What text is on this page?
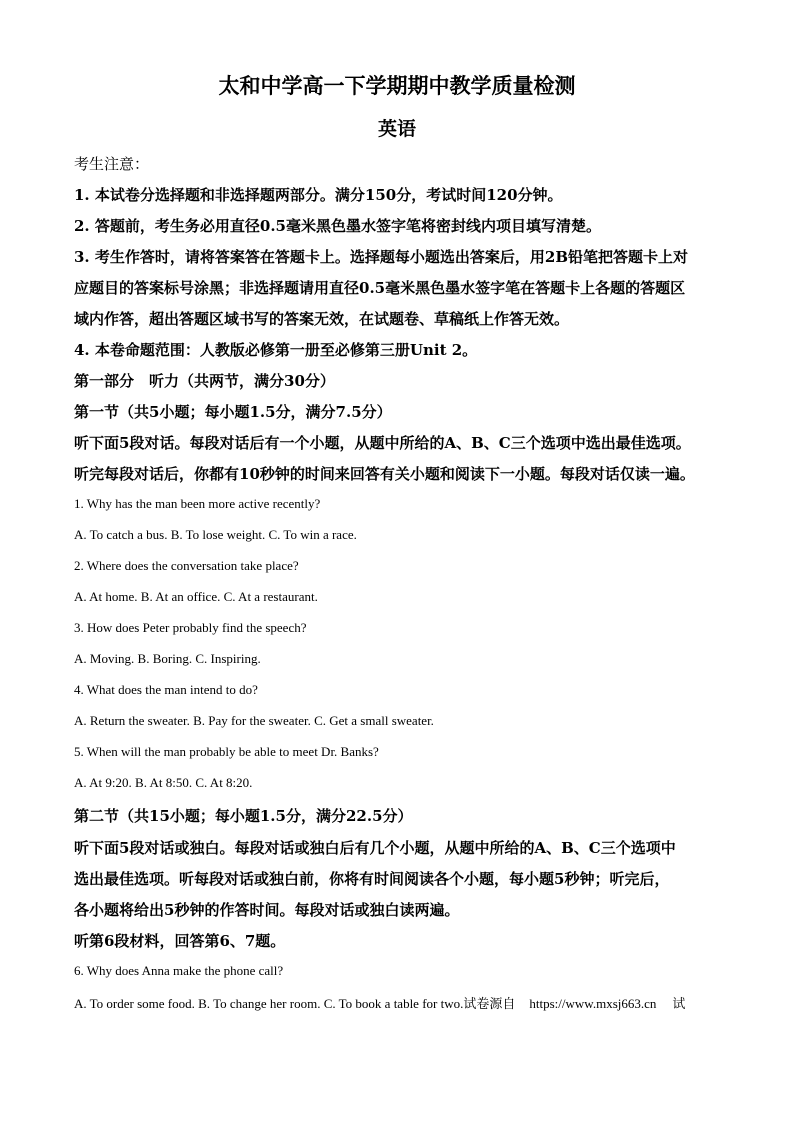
太和中学高一下学期期中教学质量检测
英语

考生注意：

1. 本试卷分选择题和非选择题两部分。满分150分，考试时间120分钟。

2. 答题前，考生务必用直径0.5毫米黑色墨水签字笔将密封线内项目填写清楚。

3. 考生作答时，请将答案答在答题卡上。选择题每小题选出答案后，用2B铅笔把答题卡上对

应题目的答案标号涂黑；非选择题请用直径0.5毫米黑色墨水签字笔在答题卡上各题的答题区

域内作答，超出答题区域书写的答案无效，在试题卷、草稿纸上作答无效。

4. 本卷命题范围：人教版必修第一册至必修第三册Unit 2。

第一部分　听力（共两节，满分30分）

第一节（共5小题；每小题1.5分，满分7.5分）

听下面5段对话。每段对话后有一个小题，从题中所给的A、B、C三个选项中选出最佳选项。

听完每段对话后，你都有10秒钟的时间来回答有关小题和阅读下一小题。每段对话仅读一遍。

1. Why has the man been more active recently?

A. To catch a bus. B. To lose weight. C. To win a race.

2. Where does the conversation take place?

A. At home. B. At an office. C. At a restaurant.

3. How does Peter probably find the speech?

A. Moving. B. Boring. C. Inspiring.

4. What does the man intend to do?

A. Return the sweater. B. Pay for the sweater. C. Get a small sweater.

5. When will the man probably be able to meet Dr. Banks?

A. At 9:20. B. At 8:50. C. At 8:20.

第二节（共15小题；每小题1.5分，满分22.5分）

听下面5段对话或独白。每段对话或独白后有几个小题，从题中所给的A、B、C三个选项中

选出最佳选项。听每段对话或独白前，你将有时间阅读各个小题，每小题5秒钟；听完后，

各小题将给出5秒钟的作答时间。每段对话或独白读两遍。

听第6段材料，回答第6、7题。

6. Why does Anna make the phone call?

A. To order some food. B. To change her room. C. To book a table for two.试卷源自 https://www.mxsj663.cn 试
